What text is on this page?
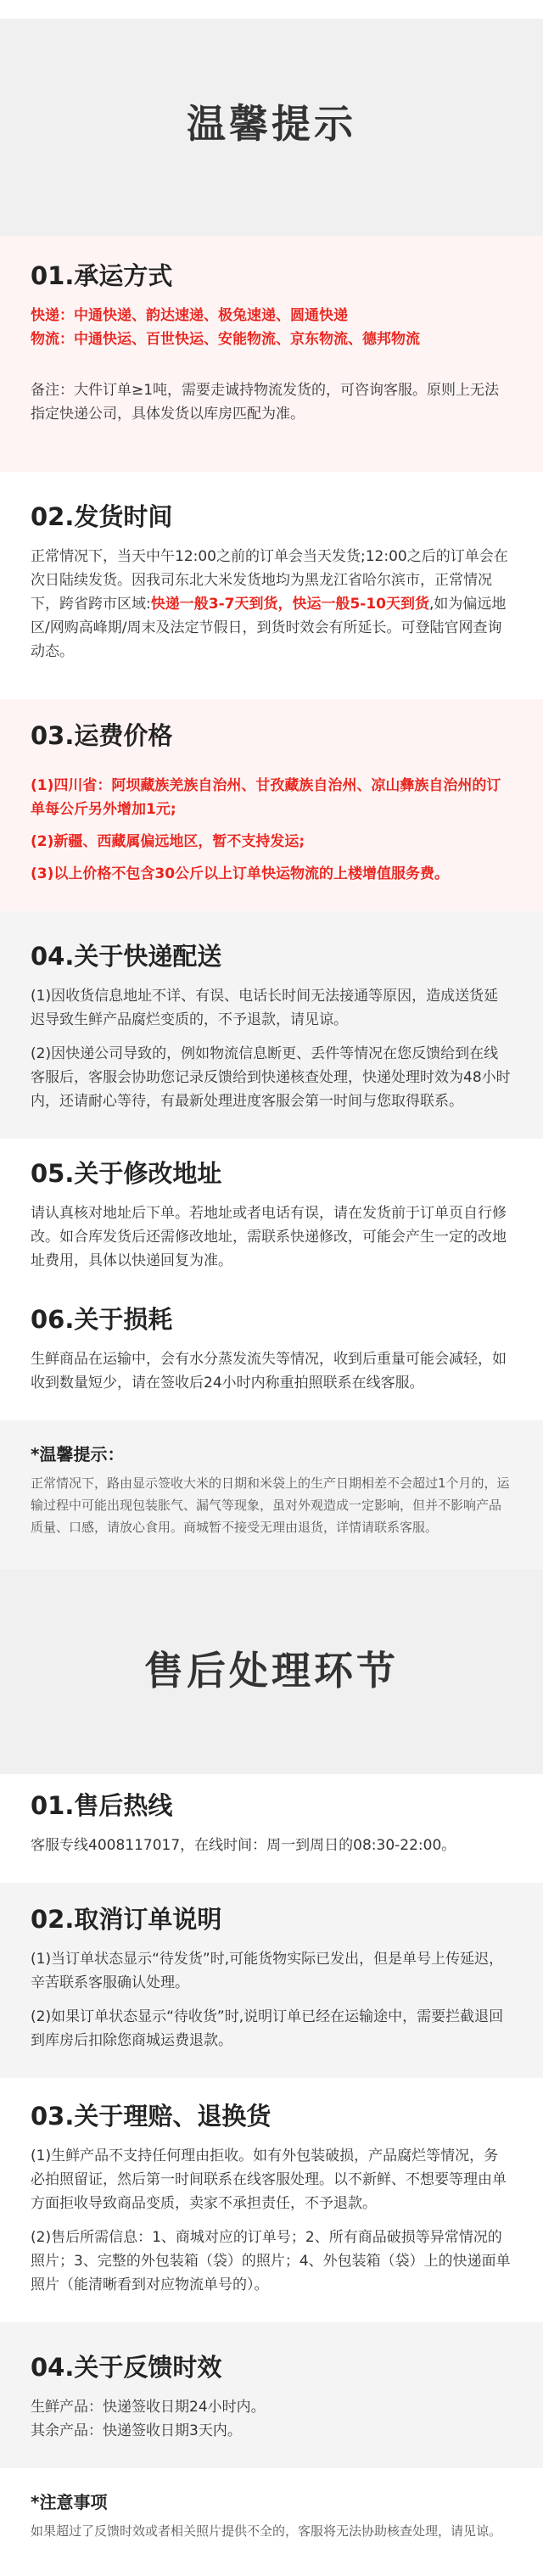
温馨提示
01.承运方式

快递：中通快递、韵达速递、极兔速递、圆通快递

物流：中通快运、百世快运、安能物流、京东物流、德邦物流

备注：大件订单≥1吨，需要走诚持物流发货的，可咨询客服。原则上无法指定快递公司，具体发货以库房匹配为准。

02.发货时间

正常情况下，当天中午12:00之前的订单会当天发货;12:00之后的订单会在次日陆续发货。因我司东北大米发货地均为黑龙江省哈尔滨市，正常情况下，跨省跨市区域:快递一般3-7天到货，快运一般5-10天到货,如为偏远地区/网购高峰期/周末及法定节假日，到货时效会有所延长。可登陆官网查询动态。

03.运费价格

(1)四川省：阿坝藏族羌族自治州、甘孜藏族自治州、凉山彝族自治州的订单每公斤另外增加1元;

(2)新疆、西藏属偏远地区，暂不支持发运;

(3)以上价格不包含30公斤以上订单快运物流的上楼增值服务费。

04.关于快递配送

(1)因收货信息地址不详、有误、电话长时间无法接通等原因，造成送货延迟导致生鲜产品腐烂变质的，不予退款，请见谅。

(2)因快递公司导致的，例如物流信息断更、丢件等情况在您反馈给到在线客服后，客服会协助您记录反馈给到快递核查处理，快递处理时效为48小时内，还请耐心等待，有最新处理进度客服会第一时间与您取得联系。

05.关于修改地址

请认真核对地址后下单。若地址或者电话有误，请在发货前于订单页自行修改。如合库发货后还需修改地址，需联系快递修改，可能会产生一定的改地址费用，具体以快递回复为准。

06.关于损耗

生鲜商品在运输中，会有水分蒸发流失等情况，收到后重量可能会减轻，如收到数量短少，请在签收后24小时内称重拍照联系在线客服。

*温馨提示：

正常情况下，路由显示签收大米的日期和米袋上的生产日期相差不会超过1个月的，运输过程中可能出现包装胀气、漏气等现象，虽对外观造成一定影响，但并不影响产品质量、口感，请放心食用。商城暂不接受无理由退货，详情请联系客服。

售后处理环节
01.售后热线

客服专线4008117017，在线时间：周一到周日的08:30-22:00。

02.取消订单说明

(1)当订单状态显示“待发货”时,可能货物实际已发出，但是单号上传延迟，辛苦联系客服确认处理。

(2)如果订单状态显示“待收货”时,说明订单已经在运输途中，需要拦截退回到库房后扣除您商城运费退款。

03.关于理赔、退换货

(1)生鲜产品不支持任何理由拒收。如有外包装破损，产品腐烂等情况，务必拍照留证，然后第一时间联系在线客服处理。以不新鲜、不想要等理由单方面拒收导致商品变质，卖家不承担责任，不予退款。

(2)售后所需信息：1、商城对应的订单号；2、所有商品破损等异常情况的照片；3、完整的外包装箱（袋）的照片；4、外包装箱（袋）上的快递面单照片（能清晰看到对应物流单号的）。

04.关于反馈时效

生鲜产品：快递签收日期24小时内。

其余产品：快递签收日期3天内。

*注意事项

如果超过了反馈时效或者相关照片提供不全的，客服将无法协助核查处理，请见谅。
